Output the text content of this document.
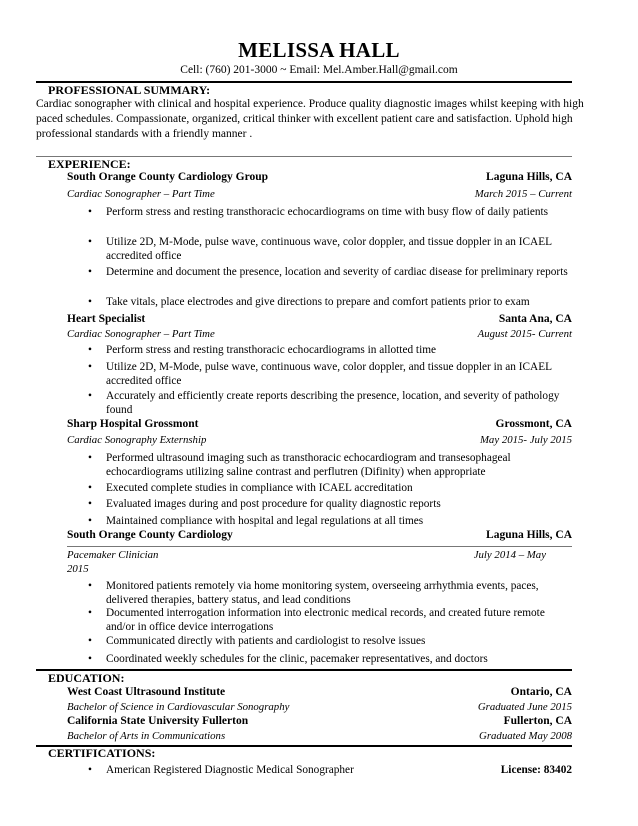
MELISSA HALL
Cell: (760) 201-3000 ~ Email: Mel.Amber.Hall@gmail.com
PROFESSIONAL SUMMARY:
Cardiac sonographer with clinical and hospital experience. Produce quality diagnostic images whilst keeping with high paced schedules. Compassionate, organized, critical thinker with excellent patient care and satisfaction. Uphold high professional standards with a friendly manner .
EXPERIENCE:
South Orange County Cardiology Group	Laguna Hills, CA
Cardiac Sonographer – Part Time	March 2015 – Current
• Perform stress and resting transthoracic echocardiograms on time with busy flow of daily patients
• Utilize 2D, M-Mode, pulse wave, continuous wave, color doppler, and tissue doppler in an ICAEL accredited office
• Determine and document the presence, location and severity of cardiac disease for preliminary reports
• Take vitals, place electrodes and give directions to prepare and comfort patients prior to exam
Heart Specialist	Santa Ana, CA
Cardiac Sonographer – Part Time	August 2015- Current
• Perform stress and resting transthoracic echocardiograms in allotted time
• Utilize 2D, M-Mode, pulse wave, continuous wave, color doppler, and tissue doppler in an ICAEL accredited office
• Accurately and efficiently create reports describing the presence, location, and severity of pathology found
Sharp Hospital Grossmont	Grossmont, CA
Cardiac Sonography Externship	May 2015- July 2015
• Performed ultrasound imaging such as transthoracic echocardiogram and transesophageal echocardiograms utilizing saline contrast and perflutren (Difinity) when appropriate
• Executed complete studies in compliance with ICAEL accreditation
• Evaluated images during and post procedure for quality diagnostic reports
• Maintained compliance with hospital and legal regulations at all times
South Orange County Cardiology	Laguna Hills, CA
Pacemaker Clinician	July 2014 – May
2015
• Monitored patients remotely via home monitoring system, overseeing arrhythmia events, paces, delivered therapies, battery status, and lead conditions
• Documented interrogation information into electronic medical records, and created future remote and/or in office device interrogations
• Communicated directly with patients and cardiologist to resolve issues
• Coordinated weekly schedules for the clinic, pacemaker representatives, and doctors
EDUCATION:
West Coast Ultrasound Institute	Ontario, CA
Bachelor of Science in Cardiovascular Sonography	Graduated June 2015
California State University Fullerton	Fullerton, CA
Bachelor of Arts in Communications	Graduated May 2008
CERTIFICATIONS:
• American Registered Diagnostic Medical Sonographer	License: 83402
